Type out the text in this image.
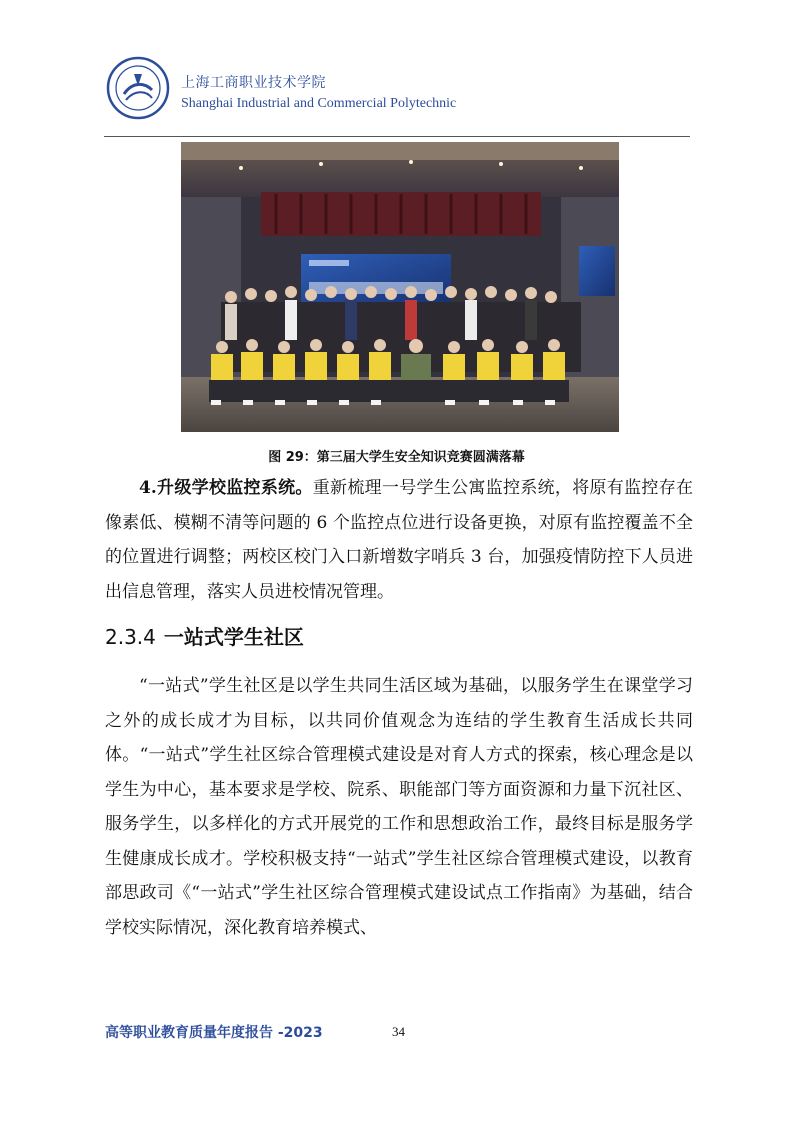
上海工商职业技术学院
Shanghai Industrial and Commercial Polytechnic
图 29：第三届大学生安全知识竞赛圆满落幕

4.升级学校监控系统。重新梳理一号学生公寓监控系统，将原有监控存在像素低、模糊不清等问题的 6 个监控点位进行设备更换，对原有监控覆盖不全的位置进行调整；两校区校门入口新增数字哨兵 3 台，加强疫情防控下人员进出信息管理，落实人员进校情况管理。

2.3.4 一站式学生社区

“一站式”学生社区是以学生共同生活区域为基础，以服务学生在课堂学习之外的成长成才为目标，以共同价值观念为连结的学生教育生活成长共同体。“一站式”学生社区综合管理模式建设是对育人方式的探索，核心理念是以学生为中心，基本要求是学校、院系、职能部门等方面资源和力量下沉社区、服务学生，以多样化的方式开展党的工作和思想政治工作，最终目标是服务学生健康成长成才。学校积极支持“一站式”学生社区综合管理模式建设，以教育部思政司《“一站式”学生社区综合管理模式建设试点工作指南》为基础，结合学校实际情况，深化教育培养模式、

高等职业教育质量年度报告 -2023	34
